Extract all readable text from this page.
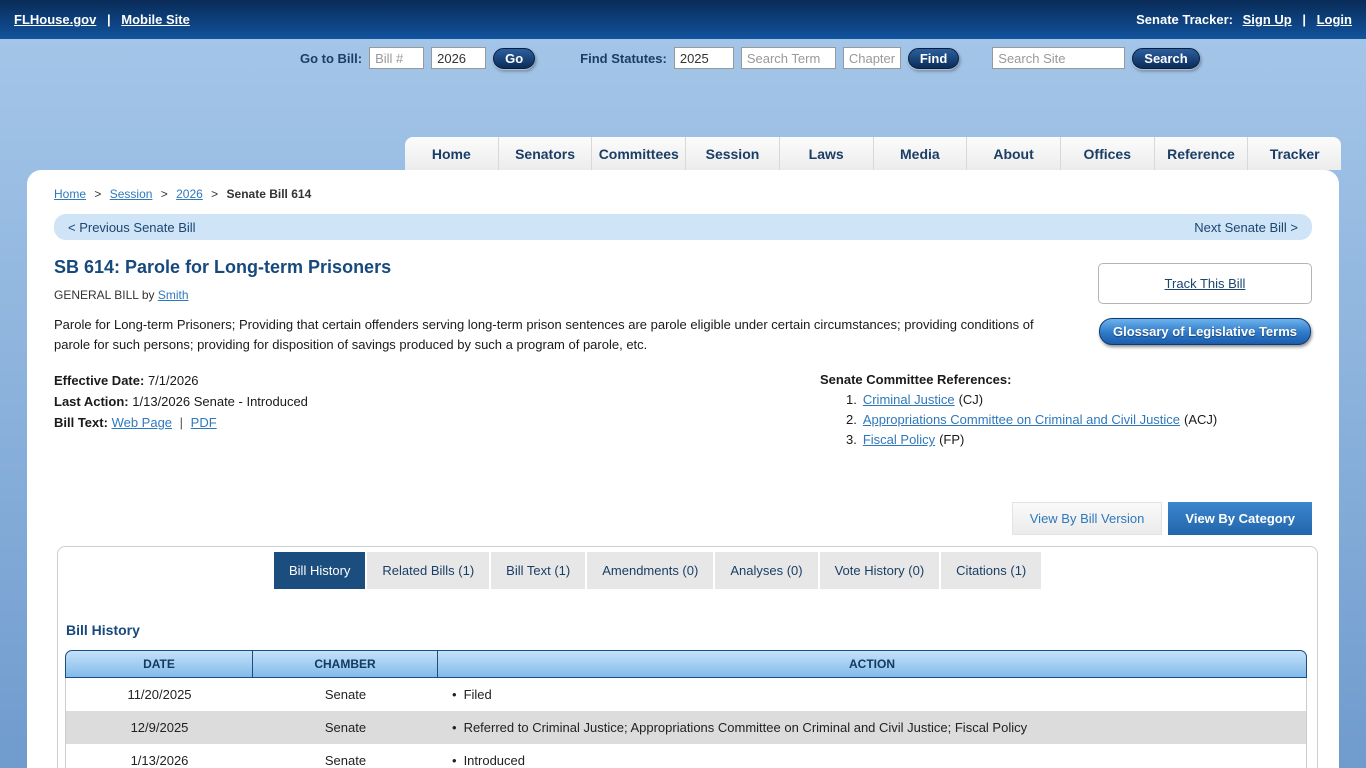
FLHouse.gov | Mobile Site	Senate Tracker: Sign Up | Login
Go to Bill:
Bill #
2026	Go	Find Statutes:
2025
Search Term
Chapter	Find
Search Site	Search
Home	Senators	Committees	Session	Laws	Media	About	Offices	Reference	Tracker
Home > Session > 2026 > Senate Bill 614
< Previous Senate Bill	Next Senate Bill >
SB 614: Parole for Long-term Prisoners
GENERAL BILL by Smith
Parole for Long-term Prisoners; Providing that certain offenders serving long-term prison sentences are parole eligible under certain circumstances; providing conditions of parole for such persons; providing for disposition of savings produced by such a program of parole, etc.
Effective Date: 7/1/2026
Last Action: 1/13/2026 Senate - Introduced
Bill Text: Web Page | PDF
Senate Committee References:
1. Criminal Justice (CJ)
2. Appropriations Committee on Criminal and Civil Justice (ACJ)
3. Fiscal Policy (FP)
Track This Bill
Glossary of Legislative Terms
View By Bill Version	View By Category
Bill History	Related Bills (1)	Bill Text (1)	Amendments (0)	Analyses (0)	Vote History (0)	Citations (1)
Bill History
DATE	CHAMBER	ACTION
11/20/2025	Senate	• Filed
12/9/2025	Senate	• Referred to Criminal Justice; Appropriations Committee on Criminal and Civil Justice; Fiscal Policy
1/13/2026	Senate	• Introduced
